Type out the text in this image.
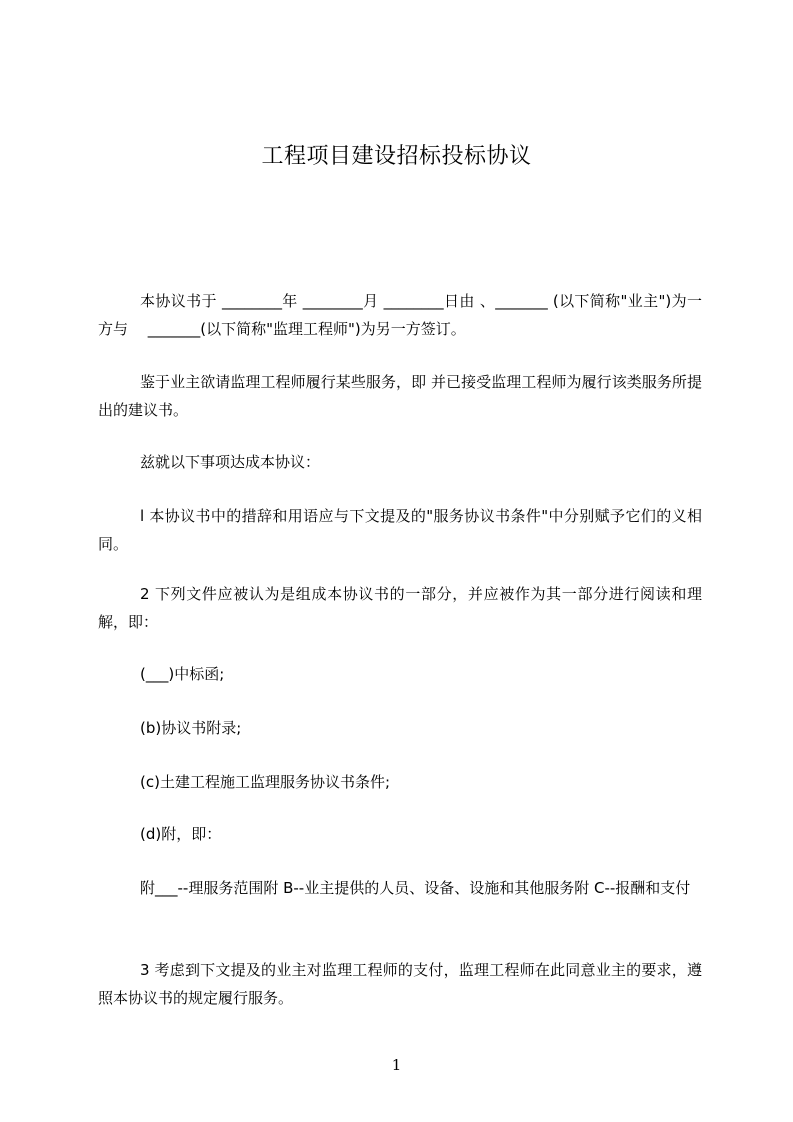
工程项目建设招标投标协议
本协议书于 ________年 ________月 ________日由 、_______ (以下简称"业主")为一方与　 _______(以下简称"监理工程师")为另一方签订。
鉴于业主欲请监理工程师履行某些服务，即 并已接受监理工程师为履行该类服务所提出的建议书。
兹就以下事项达成本协议：
l 本协议书中的措辞和用语应与下文提及的"服务协议书条件"中分别赋予它们的义相同。
2 下列文件应被认为是组成本协议书的一部分，并应被作为其一部分进行阅读和理解，即：
(___)中标函;
(b)协议书附录;
(c)土建工程施工监理服务协议书条件;
(d)附，即：
附___--理服务范围附 B--业主提供的人员、设备、设施和其他服务附 C--报酬和支付
3 考虑到下文提及的业主对监理工程师的支付，监理工程师在此同意业主的要求，遵照本协议书的规定履行服务。
1
